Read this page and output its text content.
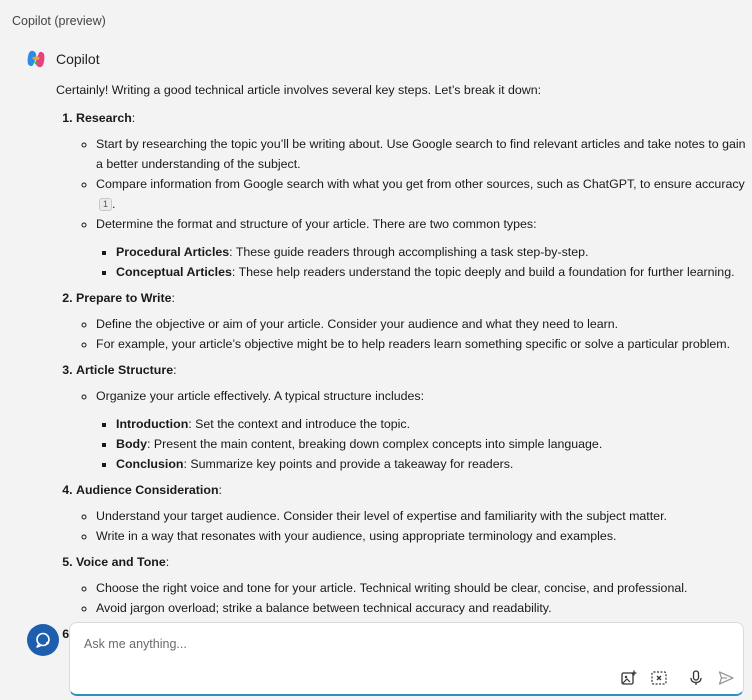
Copilot (preview)
Copilot

Certainly! Writing a good technical article involves several key steps. Let’s break it down:

1. Research:
◦ Start by researching the topic you’ll be writing about. Use Google search to find relevant articles and take notes to gain a better understanding of the subject.
◦ Compare information from Google search with what you get from other sources, such as ChatGPT, to ensure accuracy1 .
◦ Determine the format and structure of your article. There are two common types:
▪ Procedural Articles: These guide readers through accomplishing a task step-by-step.
▪ Conceptual Articles: These help readers understand the topic deeply and build a foundation for further learning.
2. Prepare to Write:
◦ Define the objective or aim of your article. Consider your audience and what they need to learn.
◦ For example, your article’s objective might be to help readers learn something specific or solve a particular problem.
3. Article Structure:
◦ Organize your article effectively. A typical structure includes:
▪ Introduction: Set the context and introduce the topic.
▪ Body: Present the main content, breaking down complex concepts into simple language.
▪ Conclusion: Summarize key points and provide a takeaway for readers.
4. Audience Consideration:
◦ Understand your target audience. Consider their level of expertise and familiarity with the subject matter.
◦ Write in a way that resonates with your audience, using appropriate terminology and examples.
5. Voice and Tone:
◦ Choose the right voice and tone for your article. Technical writing should be clear, concise, and professional.
◦ Avoid jargon overload; strike a balance between technical accuracy and readability.
6.
◦
Ask me anything...
